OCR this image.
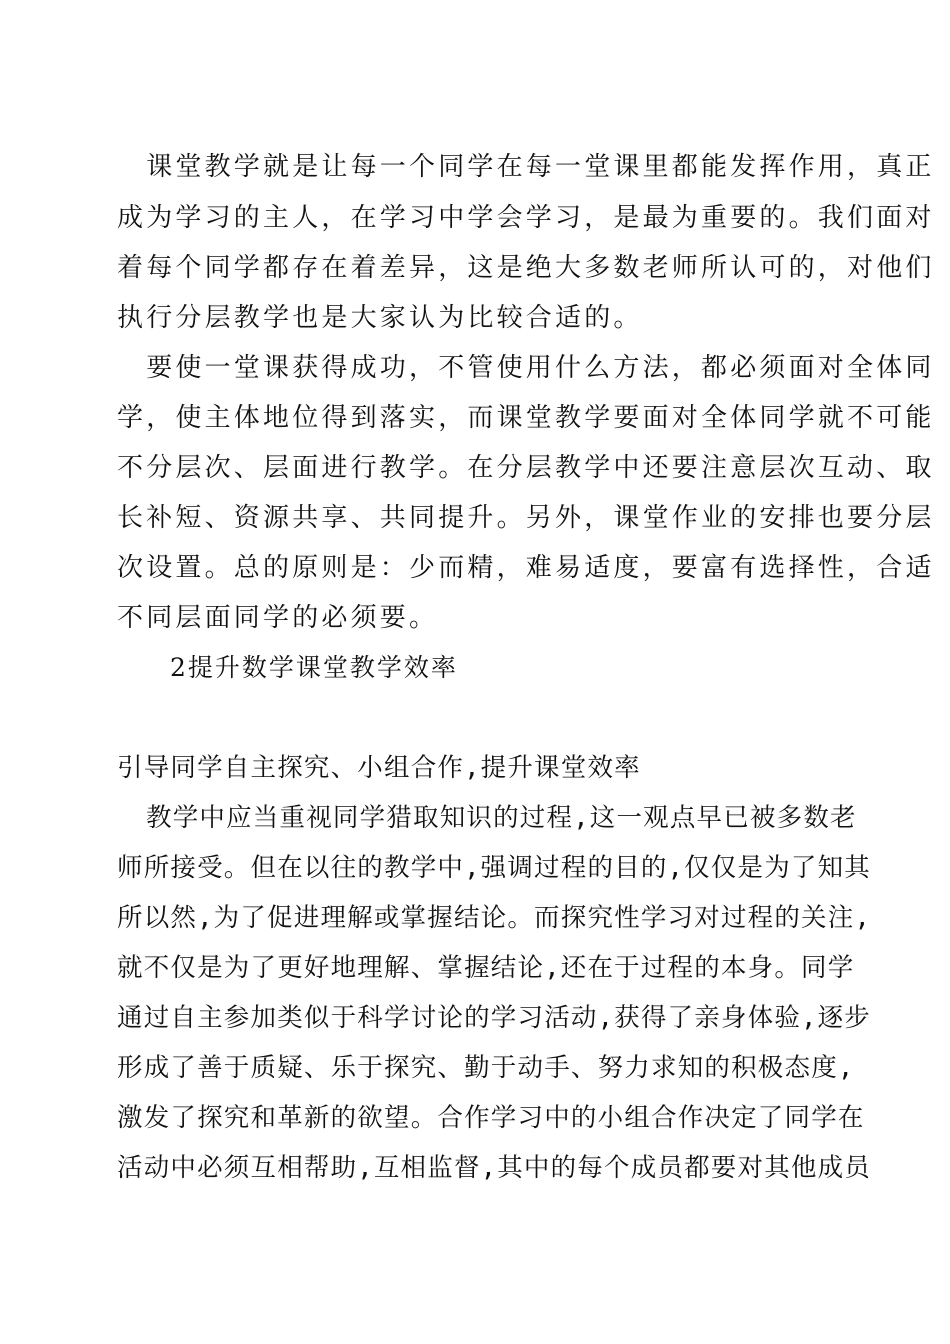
　课堂教学就是让每一个同学在每一堂课里都能发挥作用，真正
成为学习的主人，在学习中学会学习，是最为重要的。我们面对
着每个同学都存在着差异，这是绝大多数老师所认可的，对他们
执行分层教学也是大家认为比较合适的。
　要使一堂课获得成功，不管使用什么方法，都必须面对全体同
学，使主体地位得到落实，而课堂教学要面对全体同学就不可能
不分层次、层面进行教学。在分层教学中还要注意层次互动、取
长补短、资源共享、共同提升。另外，课堂作业的安排也要分层
次设置。总的原则是：少而精，难易适度，要富有选择性，合适
不同层面同学的必须要。
2提升数学课堂教学效率
引导同学自主探究、小组合作,提升课堂效率
教学中应当重视同学猎取知识的过程,这一观点早已被多数老
师所接受。但在以往的教学中,强调过程的目的,仅仅是为了知其
所以然,为了促进理解或掌握结论。而探究性学习对过程的关注,
就不仅是为了更好地理解、掌握结论,还在于过程的本身。同学
通过自主参加类似于科学讨论的学习活动,获得了亲身体验,逐步
形成了善于质疑、乐于探究、勤于动手、努力求知的积极态度,
激发了探究和革新的欲望。合作学习中的小组合作决定了同学在
活动中必须互相帮助,互相监督,其中的每个成员都要对其他成员
